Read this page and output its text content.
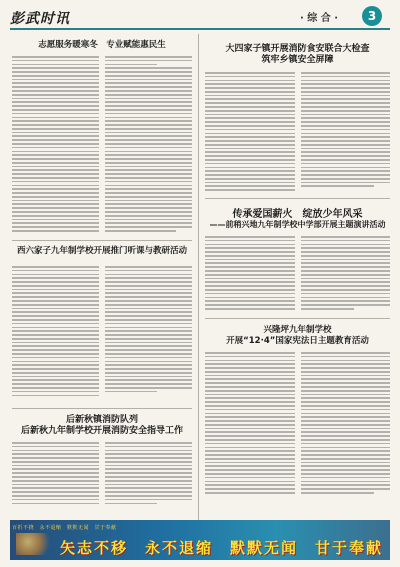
彭武时讯	· 综 合 ·	3
志愿服务暖寒冬　专业赋能惠民生
西六家子九年制学校开展推门听课与教研活动
后新秋镇消防队列
后新秋九年制学校开展消防安全指导工作
大四家子镇开展消防食安联合大检查
筑牢乡镇安全屏障
传承爱国薪火　绽放少年风采
——前稍兴地九年制学校中学部开展主题演讲活动
兴隆坪九年制学校
开展“12·4”国家宪法日主题教育活动
百折不挠　永不退缩　默默无闻　甘于奉献
矢志不移　永不退缩　默默无闻　甘于奉献
